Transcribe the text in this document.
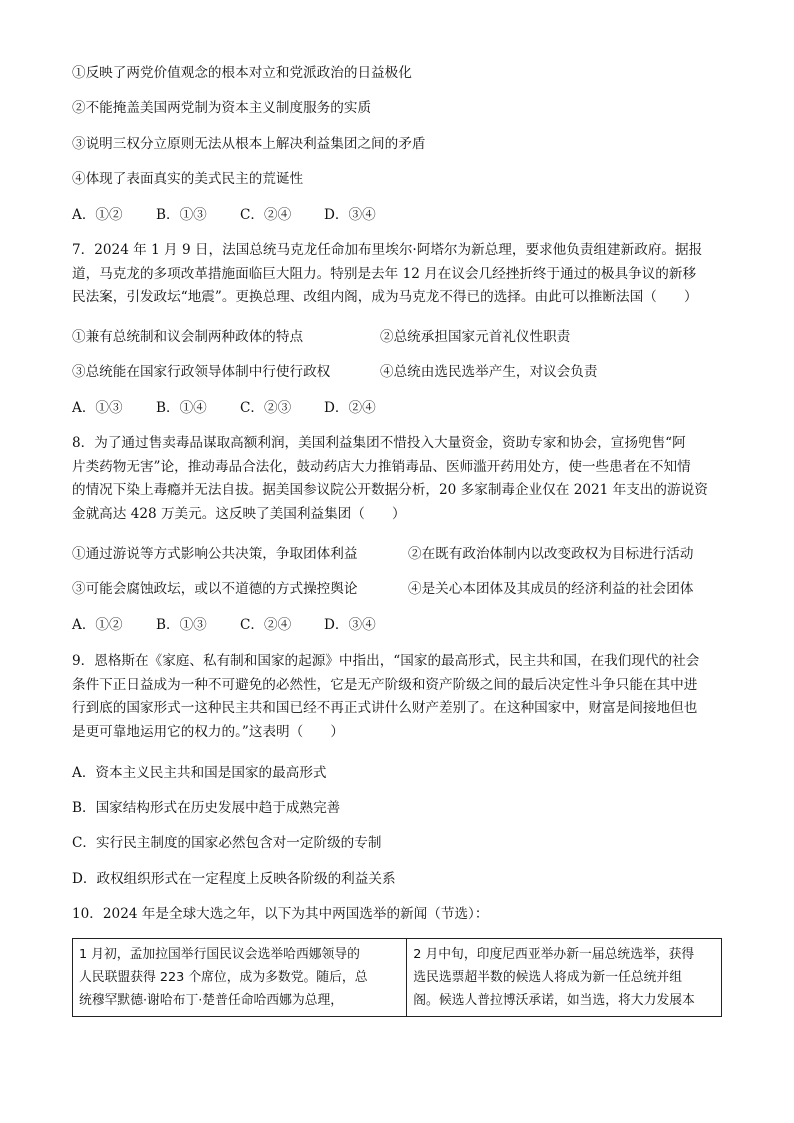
①反映了两党价值观念的根本对立和党派政治的日益极化
②不能掩盖美国两党制为资本主义制度服务的实质
③说明三权分立原则无法从根本上解决利益集团之间的矛盾
④体现了表面真实的美式民主的荒诞性
A．①② B．①③ C．②④ D．③④
7．2024 年 1 月 9 日，法国总统马克龙任命加布里埃尔·阿塔尔为新总理，要求他负责组建新政府。据报
道，马克龙的多项改革措施面临巨大阻力。特别是去年 12 月在议会几经挫折终于通过的极具争议的新移
民法案，引发政坛“地震”。更换总理、改组内阁，成为马克龙不得已的选择。由此可以推断法国（　　）
①兼有总统制和议会制两种政体的特点	②总统承担国家元首礼仪性职责
③总统能在国家行政领导体制中行使行政权	④总统由选民选举产生，对议会负责
A．①③ B．①④ C．②③ D．②④
8．为了通过售卖毒品谋取高额利润，美国利益集团不惜投入大量资金，资助专家和协会，宣扬兜售“阿
片类药物无害”论，推动毒品合法化，鼓动药店大力推销毒品、医师滥开药用处方，使一些患者在不知情
的情况下染上毒瘾并无法自拔。据美国参议院公开数据分析，20 多家制毒企业仅在 2021 年支出的游说资
金就高达 428 万美元。这反映了美国利益集团（　　）
①通过游说等方式影响公共决策，争取团体利益	②在既有政治体制内以改变政权为目标进行活动
③可能会腐蚀政坛，或以不道德的方式操控舆论	④是关心本团体及其成员的经济利益的社会团体
A．①② B．①③ C．②④ D．③④
9．恩格斯在《家庭、私有制和国家的起源》中指出，“国家的最高形式，民主共和国，在我们现代的社会
条件下正日益成为一种不可避免的必然性，它是无产阶级和资产阶级之间的最后决定性斗争只能在其中进
行到底的国家形式一这种民主共和国已经不再正式讲什么财产差别了。在这种国家中，财富是间接地但也
是更可靠地运用它的权力的。”这表明（　　）
A．资本主义民主共和国是国家的最高形式
B．国家结构形式在历史发展中趋于成熟完善
C．实行民主制度的国家必然包含对一定阶级的专制
D．政权组织形式在一定程度上反映各阶级的利益关系
10．2024 年是全球大选之年，以下为其中两国选举的新闻（节选）：
1 月初，孟加拉国举行国民议会选举哈西娜领导的
人民联盟获得 223 个席位，成为多数党。随后，总
统穆罕默德·谢哈布丁·楚普任命哈西娜为总理，

2 月中旬，印度尼西亚举办新一届总统选举，获得
选民选票超半数的候选人将成为新一任总统并组
阁。候选人普拉博沃承诺，如当选，将大力发展本
